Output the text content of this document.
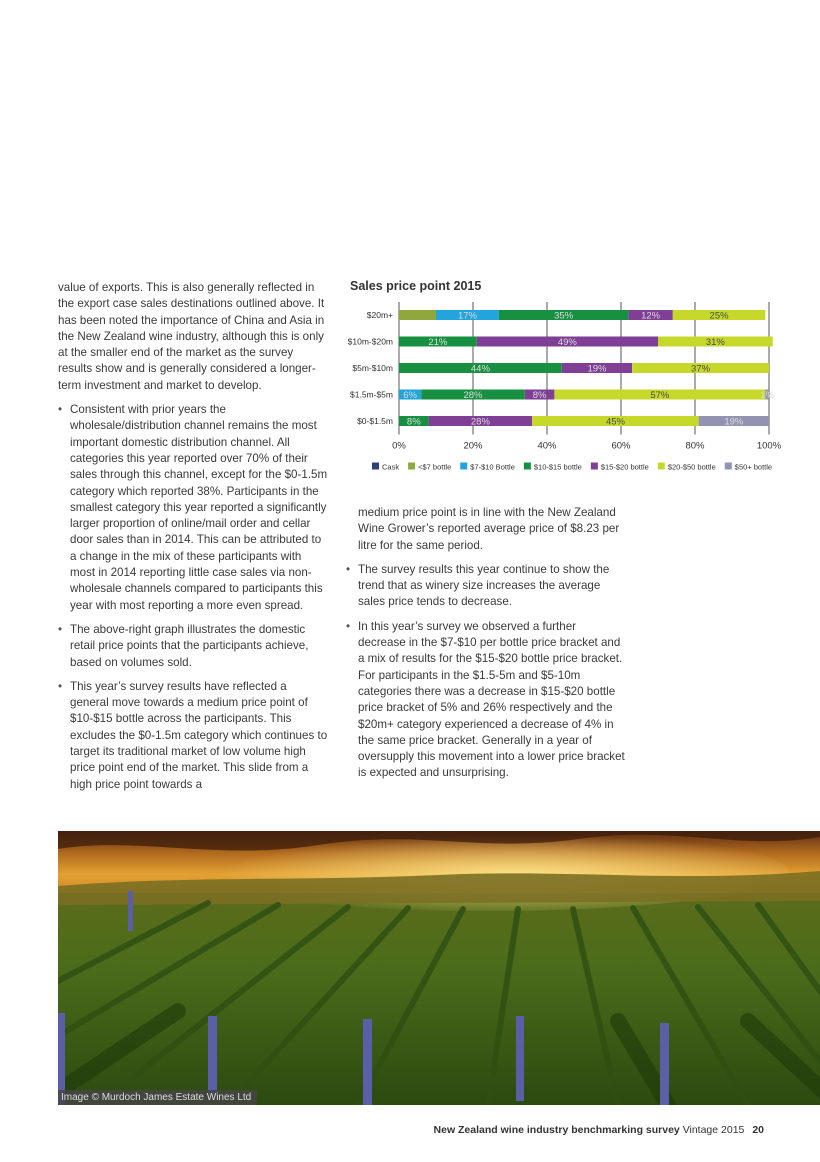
value of exports. This is also generally reflected in the export case sales destinations outlined above. It has been noted the importance of China and Asia in the New Zealand wine industry, although this is only at the smaller end of the market as the survey results show and is generally considered a longer-term investment and market to develop.

• Consistent with prior years the wholesale/distribution channel remains the most important domestic distribution channel. All categories this year reported over 70% of their sales through this channel, except for the $0-1.5m category which reported 38%. Participants in the smallest category this year reported a significantly larger proportion of online/mail order and cellar door sales than in 2014. This can be attributed to a change in the mix of these participants with most in 2014 reporting little case sales via non-wholesale channels compared to participants this year with most reporting a more even spread.
• The above-right graph illustrates the domestic retail price points that the participants achieve, based on volumes sold.
• This year’s survey results have reflected a general move towards a medium price point of $10-$15 bottle across the participants. This excludes the $0-1.5m category which continues to target its traditional market of low volume high price point end of the market. This slide from a high price point towards a
Sales price point 2015
0%	20%	40%	60%	80%	100%
$20m+
$10m-$20m
$5m-$10m
$1.5m-$5m
$0-$1.5m
17%	35%	12%	25%
21%	49%	31%
44%	19%	37%
6%	28%	8%	57%	1%
8%	28%	45%	19%
Cask	<$7 bottle	$7-$10 Bottle	$10-$15 bottle	$15-$20 bottle	$20-$50 bottle	$50+ bottle

medium price point is in line with the New Zealand Wine Grower’s reported average price of $8.23 per litre for the same period.

• The survey results this year continue to show the trend that as winery size increases the average sales price tends to decrease.
• In this year’s survey we observed a further decrease in the $7-$10 per bottle price bracket and a mix of results for the $15-$20 bottle price bracket. For participants in the $1.5-5m and $5-10m categories there was a decrease in $15-$20 bottle price bracket of 5% and 26% respectively and the $20m+ category experienced a decrease of 4% in the same price bracket. Generally in a year of oversupply this movement into a lower price bracket is expected and unsurprising.
Image © Murdoch James Estate Wines Ltd
New Zealand wine industry benchmarking survey Vintage 2015 20
